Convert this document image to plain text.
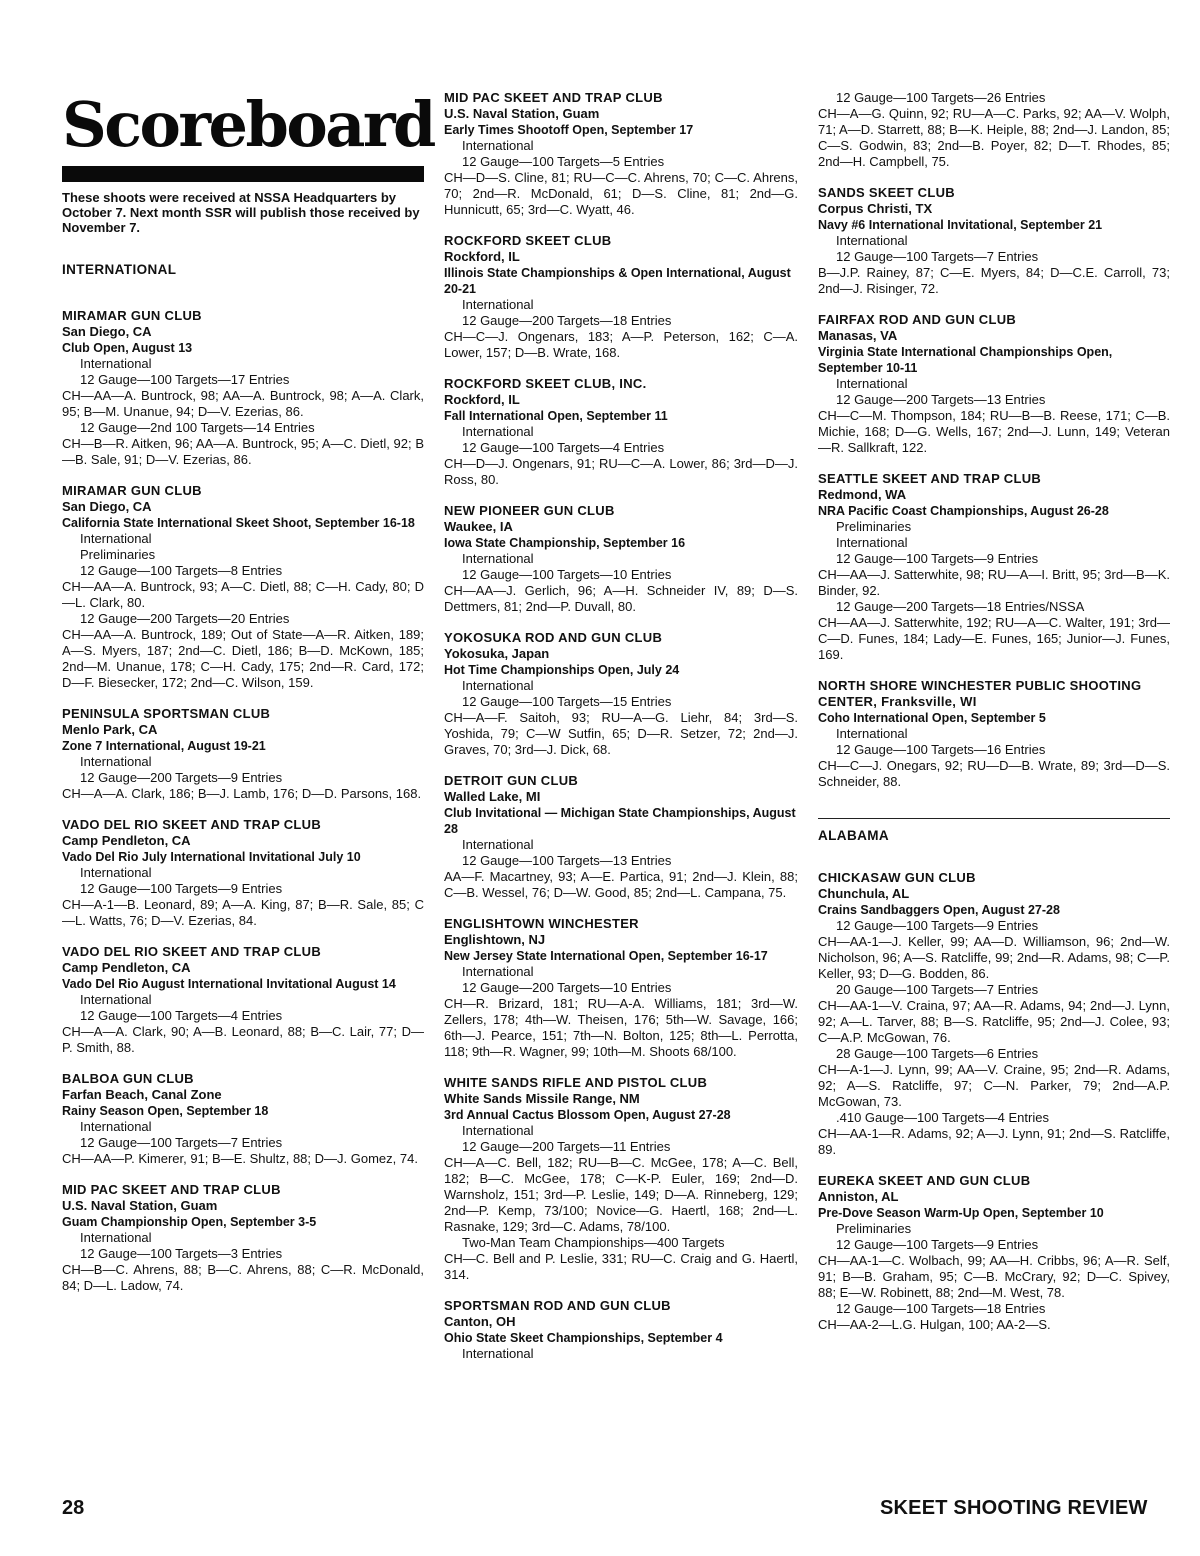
Scoreboard
These shoots were received at NSSA Headquarters by October 7. Next month SSR will publish those received by November 7.
INTERNATIONAL
MIRAMAR GUN CLUB
San Diego, CA
Club Open, August 13
International
12 Gauge—100 Targets—17 Entries
CH—AA—A. Buntrock, 98; AA—A. Buntrock, 98; A—A. Clark, 95; B—M. Unanue, 94; D—V. Ezerias, 86.
12 Gauge—2nd 100 Targets—14 Entries
CH—B—R. Aitken, 96; AA—A. Buntrock, 95; A—C. Dietl, 92; B—B. Sale, 91; D—V. Ezerias, 86.
MIRAMAR GUN CLUB
San Diego, CA
California State International Skeet Shoot, September 16-18
International
Preliminaries
12 Gauge—100 Targets—8 Entries
CH—AA—A. Buntrock, 93; A—C. Dietl, 88; C—H. Cady, 80; D—L. Clark, 80.
12 Gauge—200 Targets—20 Entries
CH—AA—A. Buntrock, 189; Out of State—A—R. Aitken, 189; A—S. Myers, 187; 2nd—C. Dietl, 186; B—D. McKown, 185; 2nd—M. Unanue, 178; C—H. Cady, 175; 2nd—R. Card, 172; D—F. Biesecker, 172; 2nd—C. Wilson, 159.
PENINSULA SPORTSMAN CLUB
Menlo Park, CA
Zone 7 International, August 19-21
International
12 Gauge—200 Targets—9 Entries
CH—A—A. Clark, 186; B—J. Lamb, 176; D—D. Parsons, 168.
VADO DEL RIO SKEET AND TRAP CLUB
Camp Pendleton, CA
Vado Del Rio July International Invitational July 10
International
12 Gauge—100 Targets—9 Entries
CH—A-1—B. Leonard, 89; A—A. King, 87; B—R. Sale, 85; C—L. Watts, 76; D—V. Ezerias, 84.
VADO DEL RIO SKEET AND TRAP CLUB
Camp Pendleton, CA
Vado Del Rio August International Invitational August 14
International
12 Gauge—100 Targets—4 Entries
CH—A—A. Clark, 90; A—B. Leonard, 88; B—C. Lair, 77; D—P. Smith, 88.
BALBOA GUN CLUB
Farfan Beach, Canal Zone
Rainy Season Open, September 18
International
12 Gauge—100 Targets—7 Entries
CH—AA—P. Kimerer, 91; B—E. Shultz, 88; D—J. Gomez, 74.
MID PAC SKEET AND TRAP CLUB
U.S. Naval Station, Guam
Guam Championship Open, September 3-5
International
12 Gauge—100 Targets—3 Entries
CH—B—C. Ahrens, 88; B—C. Ahrens, 88; C—R. McDonald, 84; D—L. Ladow, 74.
MID PAC SKEET AND TRAP CLUB
U.S. Naval Station, Guam
Early Times Shootoff Open, September 17
International
12 Gauge—100 Targets—5 Entries
CH—D—S. Cline, 81; RU—C—C. Ahrens, 70; C—C. Ahrens, 70; 2nd—R. McDonald, 61; D—S. Cline, 81; 2nd—G. Hunnicutt, 65; 3rd—C. Wyatt, 46.
ROCKFORD SKEET CLUB
Rockford, IL
Illinois State Championships & Open International, August 20-21
International
12 Gauge—200 Targets—18 Entries
CH—C—J. Ongenars, 183; A—P. Peterson, 162; C—A. Lower, 157; D—B. Wrate, 168.
ROCKFORD SKEET CLUB, INC.
Rockford, IL
Fall International Open, September 11
International
12 Gauge—100 Targets—4 Entries
CH—D—J. Ongenars, 91; RU—C—A. Lower, 86; 3rd—D—J. Ross, 80.
NEW PIONEER GUN CLUB
Waukee, IA
Iowa State Championship, September 16
International
12 Gauge—100 Targets—10 Entries
CH—AA—J. Gerlich, 96; A—H. Schneider IV, 89; D—S. Dettmers, 81; 2nd—P. Duvall, 80.
YOKOSUKA ROD AND GUN CLUB
Yokosuka, Japan
Hot Time Championships Open, July 24
International
12 Gauge—100 Targets—15 Entries
CH—A—F. Saitoh, 93; RU—A—G. Liehr, 84; 3rd—S. Yoshida, 79; C—W Sutfin, 65; D—R. Setzer, 72; 2nd—J. Graves, 70; 3rd—J. Dick, 68.
DETROIT GUN CLUB
Walled Lake, MI
Club Invitational — Michigan State Championships, August 28
International
12 Gauge—100 Targets—13 Entries
AA—F. Macartney, 93; A—E. Partica, 91; 2nd—J. Klein, 88; C—B. Wessel, 76; D—W. Good, 85; 2nd—L. Campana, 75.
ENGLISHTOWN WINCHESTER
Englishtown, NJ
New Jersey State International Open, September 16-17
International
12 Gauge—200 Targets—10 Entries
CH—R. Brizard, 181; RU—A-A. Williams, 181; 3rd—W. Zellers, 178; 4th—W. Theisen, 176; 5th—W. Savage, 166; 6th—J. Pearce, 151; 7th—N. Bolton, 125; 8th—L. Perrotta, 118; 9th—R. Wagner, 99; 10th—M. Shoots 68/100.
WHITE SANDS RIFLE AND PISTOL CLUB
White Sands Missile Range, NM
3rd Annual Cactus Blossom Open, August 27-28
International
12 Gauge—200 Targets—11 Entries
CH—A—C. Bell, 182; RU—B—C. McGee, 178; A—C. Bell, 182; B—C. McGee, 178; C—K-P. Euler, 169; 2nd—D. Warnsholz, 151; 3rd—P. Leslie, 149; D—A. Rinneberg, 129; 2nd—P. Kemp, 73/100; Novice—G. Haertl, 168; 2nd—L. Rasnake, 129; 3rd—C. Adams, 78/100.
Two-Man Team Championships—400 Targets
CH—C. Bell and P. Leslie, 331; RU—C. Craig and G. Haertl, 314.
SPORTSMAN ROD AND GUN CLUB
Canton, OH
Ohio State Skeet Championships, September 4
International
12 Gauge—100 Targets—26 Entries
CH—A—G. Quinn, 92; RU—A—C. Parks, 92; AA—V. Wolph, 71; A—D. Starrett, 88; B—K. Heiple, 88; 2nd—J. Landon, 85; C—S. Godwin, 83; 2nd—B. Poyer, 82; D—T. Rhodes, 85; 2nd—H. Campbell, 75.
SANDS SKEET CLUB
Corpus Christi, TX
Navy #6 International Invitational, September 21
International
12 Gauge—100 Targets—7 Entries
B—J.P. Rainey, 87; C—E. Myers, 84; D—C.E. Carroll, 73; 2nd—J. Risinger, 72.
FAIRFAX ROD AND GUN CLUB
Manasas, VA
Virginia State International Championships Open, September 10-11
International
12 Gauge—200 Targets—13 Entries
CH—C—M. Thompson, 184; RU—B—B. Reese, 171; C—B. Michie, 168; D—G. Wells, 167; 2nd—J. Lunn, 149; Veteran—R. Sallkraft, 122.
SEATTLE SKEET AND TRAP CLUB
Redmond, WA
NRA Pacific Coast Championships, August 26-28
Preliminaries
International
12 Gauge—100 Targets—9 Entries
CH—AA—J. Satterwhite, 98; RU—A—I. Britt, 95; 3rd—B—K. Binder, 92.
12 Gauge—200 Targets—18 Entries/NSSA
CH—AA—J. Satterwhite, 192; RU—A—C. Walter, 191; 3rd—C—D. Funes, 184; Lady—E. Funes, 165; Junior—J. Funes, 169.
NORTH SHORE WINCHESTER PUBLIC SHOOTING CENTER, Franksville, WI
Coho International Open, September 5
International
12 Gauge—100 Targets—16 Entries
CH—C—J. Onegars, 92; RU—D—B. Wrate, 89; 3rd—D—S. Schneider, 88.
ALABAMA
CHICKASAW GUN CLUB
Chunchula, AL
Crains Sandbaggers Open, August 27-28
12 Gauge—100 Targets—9 Entries
CH—AA-1—J. Keller, 99; AA—D. Williamson, 96; 2nd—W. Nicholson, 96; A—S. Ratcliffe, 99; 2nd—R. Adams, 98; C—P. Keller, 93; D—G. Bodden, 86.
20 Gauge—100 Targets—7 Entries
CH—AA-1—V. Craina, 97; AA—R. Adams, 94; 2nd—J. Lynn, 92; A—L. Tarver, 88; B—S. Ratcliffe, 95; 2nd—J. Colee, 93; C—A.P. McGowan, 76.
28 Gauge—100 Targets—6 Entries
CH—A-1—J. Lynn, 99; AA—V. Craine, 95; 2nd—R. Adams, 92; A—S. Ratcliffe, 97; C—N. Parker, 79; 2nd—A.P. McGowan, 73.
.410 Gauge—100 Targets—4 Entries
CH—AA-1—R. Adams, 92; A—J. Lynn, 91; 2nd—S. Ratcliffe, 89.
EUREKA SKEET AND GUN CLUB
Anniston, AL
Pre-Dove Season Warm-Up Open, September 10
Preliminaries
12 Gauge—100 Targets—9 Entries
CH—AA-1—C. Wolbach, 99; AA—H. Cribbs, 96; A—R. Self, 91; B—B. Graham, 95; C—B. McCrary, 92; D—C. Spivey, 88; E—W. Robinett, 88; 2nd—M. West, 78.
12 Gauge—100 Targets—18 Entries
CH—AA-2—L.G. Hulgan, 100; AA-2—S.
28	SKEET SHOOTING REVIEW
